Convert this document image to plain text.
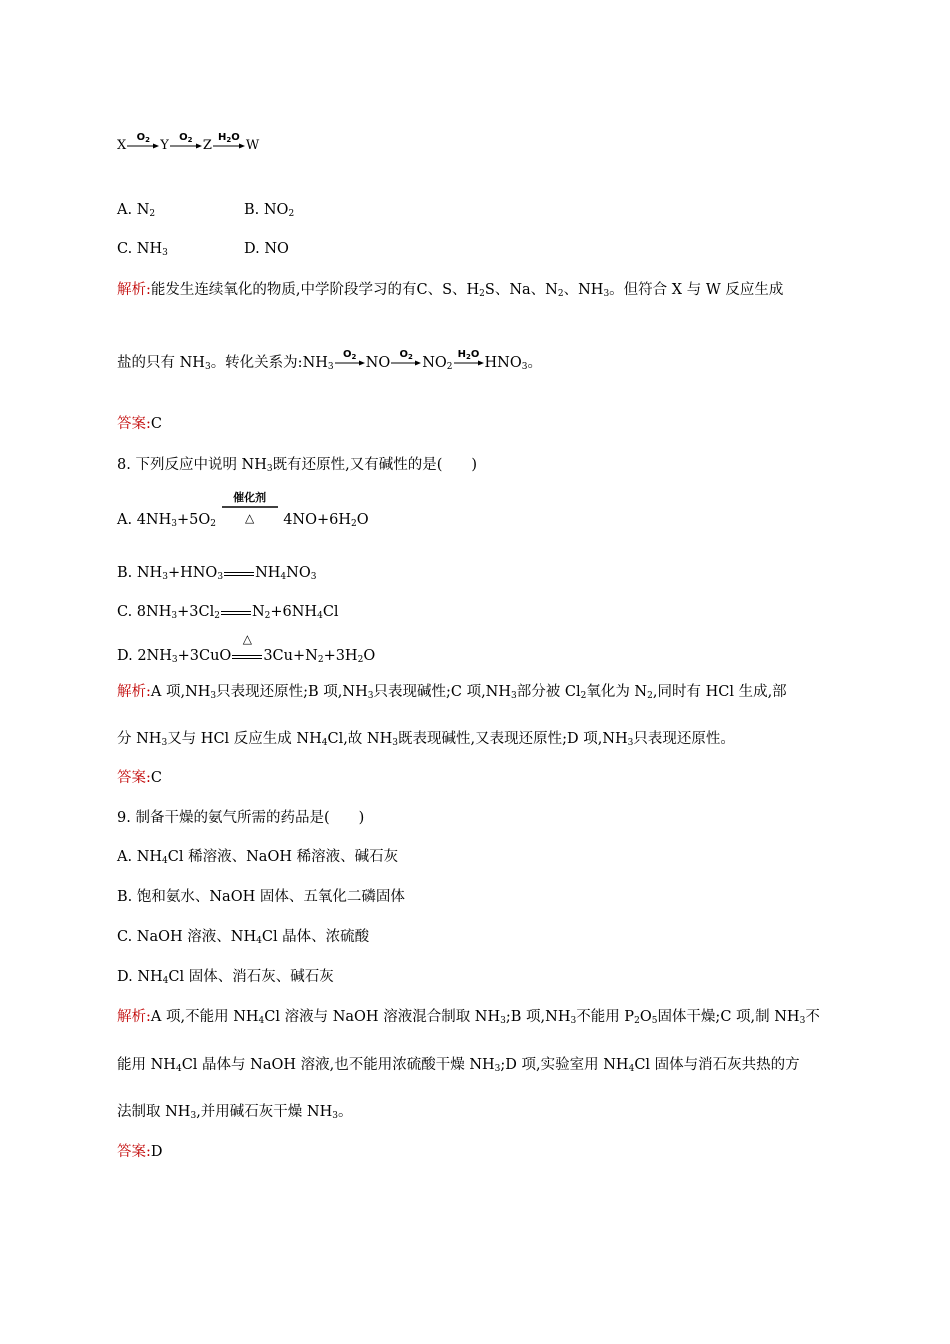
X
$O_2$ Y
$O_2$ Z
$H_2O$
W
A. $N_2$	B. $NO_2$
C. $NH_3$	D. NO
解析:能发生连续氧化的物质,中学阶段学习的有C、S、$H_2S$、Na、$N_2$、$NH_3$。但符合 X 与 W 反应生成
盐的只有 $NH_3$。转化关系为$:NH_3$
$O_2$ NO
$O_2$ $NO_2$
$H_2O$
$HNO_3$。
答案:C
8. 下列反应中说明 $NH_3$既有还原性,又有碱性的是(　　)
A. $4NH_3+5O_2$
催化剂
△	$4NO+6H_2O$
B. $NH_3+HNO_3$ $NH_4NO_3$
C. $8NH_3+3Cl_2$ $N_2+6NH_4Cl$
D. $2NH_3+3CuO$
△
$3Cu+N_2+3H_2O$
解析:A 项$,NH_3$只表现还原性;B 项$,NH_3$只表现碱性;C 项$,NH_3$部分被 $Cl_2$氧化为 $N_2$,同时有 HCl 生成,部
分 $NH_3$又与 HCl 反应生成 $NH_4Cl$,故 $NH_3$既表现碱性,又表现还原性;D 项$,NH_3$只表现还原性。
答案:C
9. 制备干燥的氨气所需的药品是(　　)
A. $NH_4Cl$ 稀溶液、NaOH 稀溶液、碱石灰
B. 饱和氨水、NaOH 固体、五氧化二磷固体
C. NaOH 溶液、$NH_4Cl$ 晶体、浓硫酸
D. $NH_4Cl$ 固体、消石灰、碱石灰
解析:A 项,不能用 $NH_4Cl$ 溶液与 NaOH 溶液混合制取 $NH_3;B$ 项$,NH_3$不能用 $P_2O_5$固体干燥;C 项,制 $NH_3$不
能用 $NH_4Cl$ 晶体与 NaOH 溶液,也不能用浓硫酸干燥 $NH_3;D$ 项,实验室用 $NH_4Cl$ 固体与消石灰共热的方
法制取 $NH_3$,并用碱石灰干燥 $NH_3$。
答案:D
